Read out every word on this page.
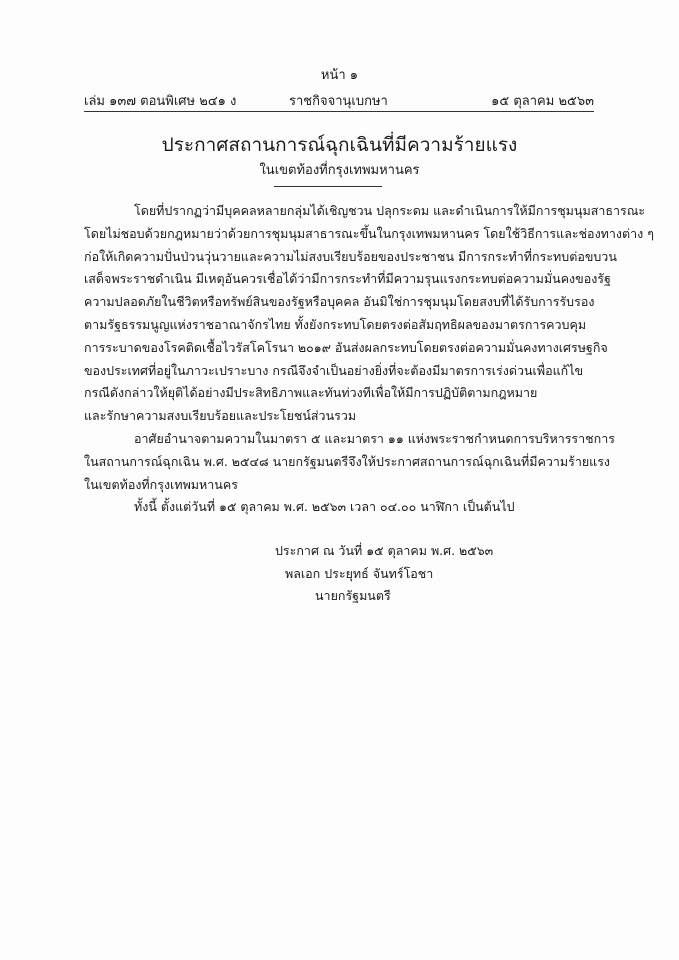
หน้า ๑
เล่ม ๑๓๗ ตอนพิเศษ ๒๔๑ ง	ราชกิจจานุเบกษา	๑๕ ตุลาคม ๒๕๖๓
ประกาศสถานการณ์ฉุกเฉินที่มีความร้ายแรง
ในเขตท้องที่กรุงเทพมหานคร
โดยที่ปรากฏว่ามีบุคคลหลายกลุ่มได้เชิญชวน ปลุกระดม และดำเนินการให้มีการชุมนุมสาธารณะ
โดยไม่ชอบด้วยกฎหมายว่าด้วยการชุมนุมสาธารณะขึ้นในกรุงเทพมหานคร โดยใช้วิธีการและช่องทางต่าง ๆ
ก่อให้เกิดความปั่นป่วนวุ่นวายและความไม่สงบเรียบร้อยของประชาชน มีการกระทำที่กระทบต่อขบวน
เสด็จพระราชดำเนิน มีเหตุอันควรเชื่อได้ว่ามีการกระทำที่มีความรุนแรงกระทบต่อความมั่นคงของรัฐ
ความปลอดภัยในชีวิตหรือทรัพย์สินของรัฐหรือบุคคล อันมิใช่การชุมนุมโดยสงบที่ได้รับการรับรอง
ตามรัฐธรรมนูญแห่งราชอาณาจักรไทย ทั้งยังกระทบโดยตรงต่อสัมฤทธิผลของมาตรการควบคุม
การระบาดของโรคติดเชื้อไวรัสโคโรนา ๒๐๑๙ อันส่งผลกระทบโดยตรงต่อความมั่นคงทางเศรษฐกิจ
ของประเทศที่อยู่ในภาวะเปราะบาง กรณีจึงจำเป็นอย่างยิ่งที่จะต้องมีมาตรการเร่งด่วนเพื่อแก้ไข
กรณีดังกล่าวให้ยุติได้อย่างมีประสิทธิภาพและทันท่วงทีเพื่อให้มีการปฏิบัติตามกฎหมาย
และรักษาความสงบเรียบร้อยและประโยชน์ส่วนรวม
อาศัยอำนาจตามความในมาตรา ๕ และมาตรา ๑๑ แห่งพระราชกำหนดการบริหารราชการ
ในสถานการณ์ฉุกเฉิน พ.ศ. ๒๕๔๘ นายกรัฐมนตรีจึงให้ประกาศสถานการณ์ฉุกเฉินที่มีความร้ายแรง
ในเขตท้องที่กรุงเทพมหานคร
ทั้งนี้ ตั้งแต่วันที่ ๑๕ ตุลาคม พ.ศ. ๒๕๖๓ เวลา ๐๔.๐๐ นาฬิกา เป็นต้นไป
ประกาศ ณ วันที่ ๑๕ ตุลาคม พ.ศ. ๒๕๖๓
พลเอก ประยุทธ์ จันทร์โอชา
นายกรัฐมนตรี
